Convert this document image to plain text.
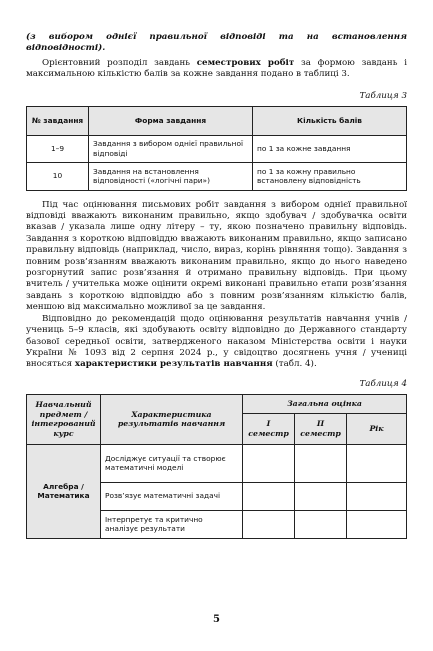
(з вибором однієї правильної відповіді та на встановлення відповідності).

Орієнтовний розподіл завдань семестрових робіт за формою завдань і максимальною кількістю балів за кожне завдання подано в таблиці 3.

Таблиця 3
№ завдання	Форма завдання	Кількість балів
1–9	Завдання з вибором однієї правильної відповіді	по 1 за кожне завдання
10	Завдання на встановлення відповідності («логічні пари»)	по 1 за кожну правильно встановлену відповідність

Під час оцінювання письмових робіт завдання з вибором однієї правильної відповіді вважають виконаним правильно, якщо здобувач / здобувачка освіти вказав / указала лише одну літеру – ту, якою позначено правильну відповідь. Завдання з короткою відповіддю вважають виконаним правильно, якщо записано правильну відповідь (наприклад, число, вираз, корінь рівняння тощо). Завдання з повним розв’язанням вважають виконаним правильно, якщо до нього наведено розгорнутий запис розв’язання й отримано правильну відповідь. При цьому вчитель / учителька може оцінити окремі виконані правильно етапи розв’язання завдань з короткою відповіддю або з повним розв’язанням кількістю балів, меншою від максимально можливої за це завдання.

Відповідно до рекомендацій щодо оцінювання результатів навчання учнів / учениць 5–9 класів, які здобувають освіту відповідно до Державного стандарту базової середньої освіти, затвердженого наказом Міністерства освіти і науки України № 1093 від 2 серпня 2024 р., у свідоцтво досягнень учня / учениці вносяться характеристики результатів навчання (табл. 4).

Таблиця 4
Навчальний предмет / інтегрований курс	Характеристика результатів навчання	Загальна оцінка		
		І семестр	ІІ семестр	Рік
Алгебра / Математика	Досліджує ситуації та створює математичні моделі			
	Розв’язує математичні задачі			
	Інтерпретує та критично аналізує результати			
5
